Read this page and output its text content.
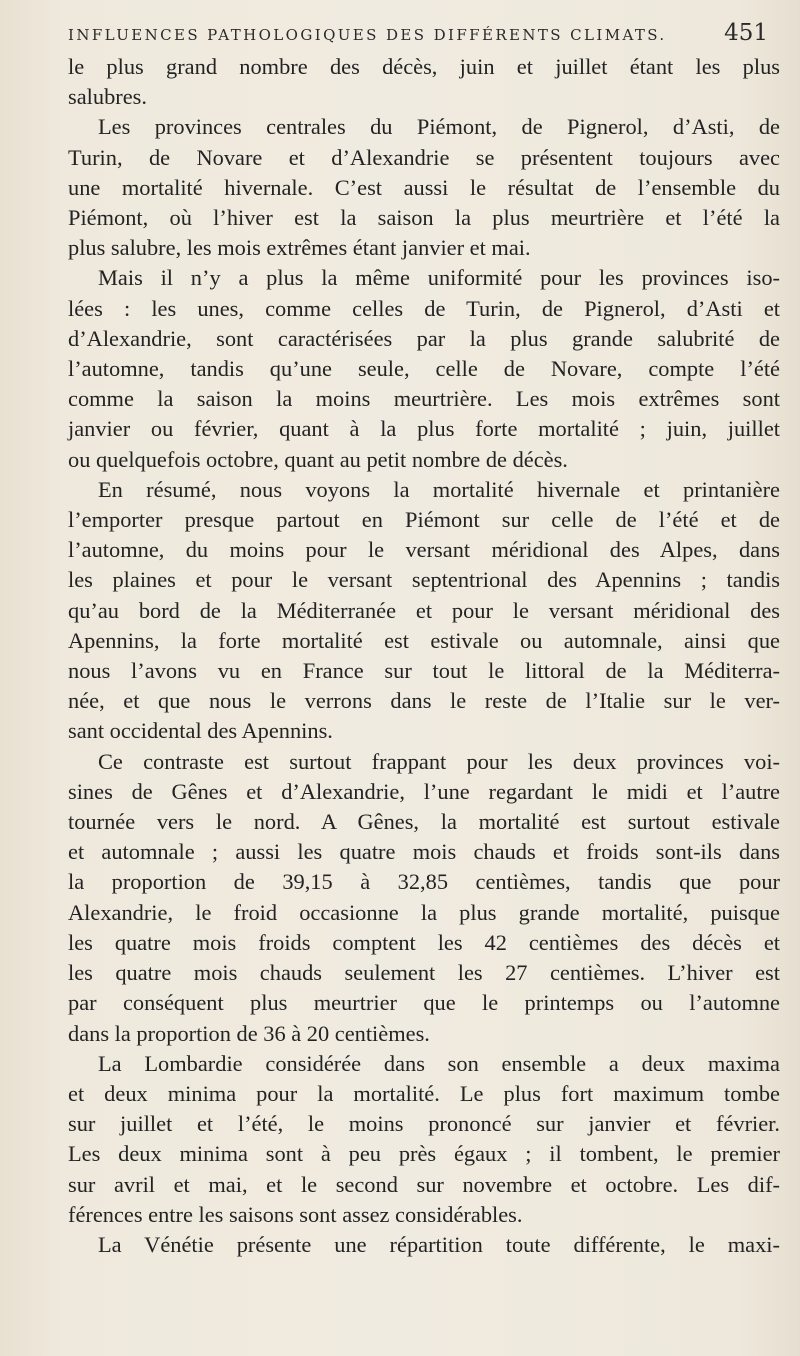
INFLUENCES PATHOLOGIQUES DES DIFFÉRENTS CLIMATS. 451
le plus grand nombre des décès, juin et juillet étant les plus
salubres.
Les provinces centrales du Piémont, de Pignerol, d’Asti, de
Turin, de Novare et d’Alexandrie se présentent toujours avec
une mortalité hivernale. C’est aussi le résultat de l’ensemble du
Piémont, où l’hiver est la saison la plus meurtrière et l’été la
plus salubre, les mois extrêmes étant janvier et mai.
Mais il n’y a plus la même uniformité pour les provinces iso-
lées : les unes, comme celles de Turin, de Pignerol, d’Asti et
d’Alexandrie, sont caractérisées par la plus grande salubrité de
l’automne, tandis qu’une seule, celle de Novare, compte l’été
comme la saison la moins meurtrière. Les mois extrêmes sont
janvier ou février, quant à la plus forte mortalité ; juin, juillet
ou quelquefois octobre, quant au petit nombre de décès.
En résumé, nous voyons la mortalité hivernale et printanière
l’emporter presque partout en Piémont sur celle de l’été et de
l’automne, du moins pour le versant méridional des Alpes, dans
les plaines et pour le versant septentrional des Apennins ; tandis
qu’au bord de la Méditerranée et pour le versant méridional des
Apennins, la forte mortalité est estivale ou automnale, ainsi que
nous l’avons vu en France sur tout le littoral de la Méditerra-
née, et que nous le verrons dans le reste de l’Italie sur le ver-
sant occidental des Apennins.
Ce contraste est surtout frappant pour les deux provinces voi-
sines de Gênes et d’Alexandrie, l’une regardant le midi et l’autre
tournée vers le nord. A Gênes, la mortalité est surtout estivale
et automnale ; aussi les quatre mois chauds et froids sont-ils dans
la proportion de 39,15 à 32,85 centièmes, tandis que pour
Alexandrie, le froid occasionne la plus grande mortalité, puisque
les quatre mois froids comptent les 42 centièmes des décès et
les quatre mois chauds seulement les 27 centièmes. L’hiver est
par conséquent plus meurtrier que le printemps ou l’automne
dans la proportion de 36 à 20 centièmes.
La Lombardie considérée dans son ensemble a deux maxima
et deux minima pour la mortalité. Le plus fort maximum tombe
sur juillet et l’été, le moins prononcé sur janvier et février.
Les deux minima sont à peu près égaux ; il tombent, le premier
sur avril et mai, et le second sur novembre et octobre. Les dif-
férences entre les saisons sont assez considérables.
La Vénétie présente une répartition toute différente, le maxi-
